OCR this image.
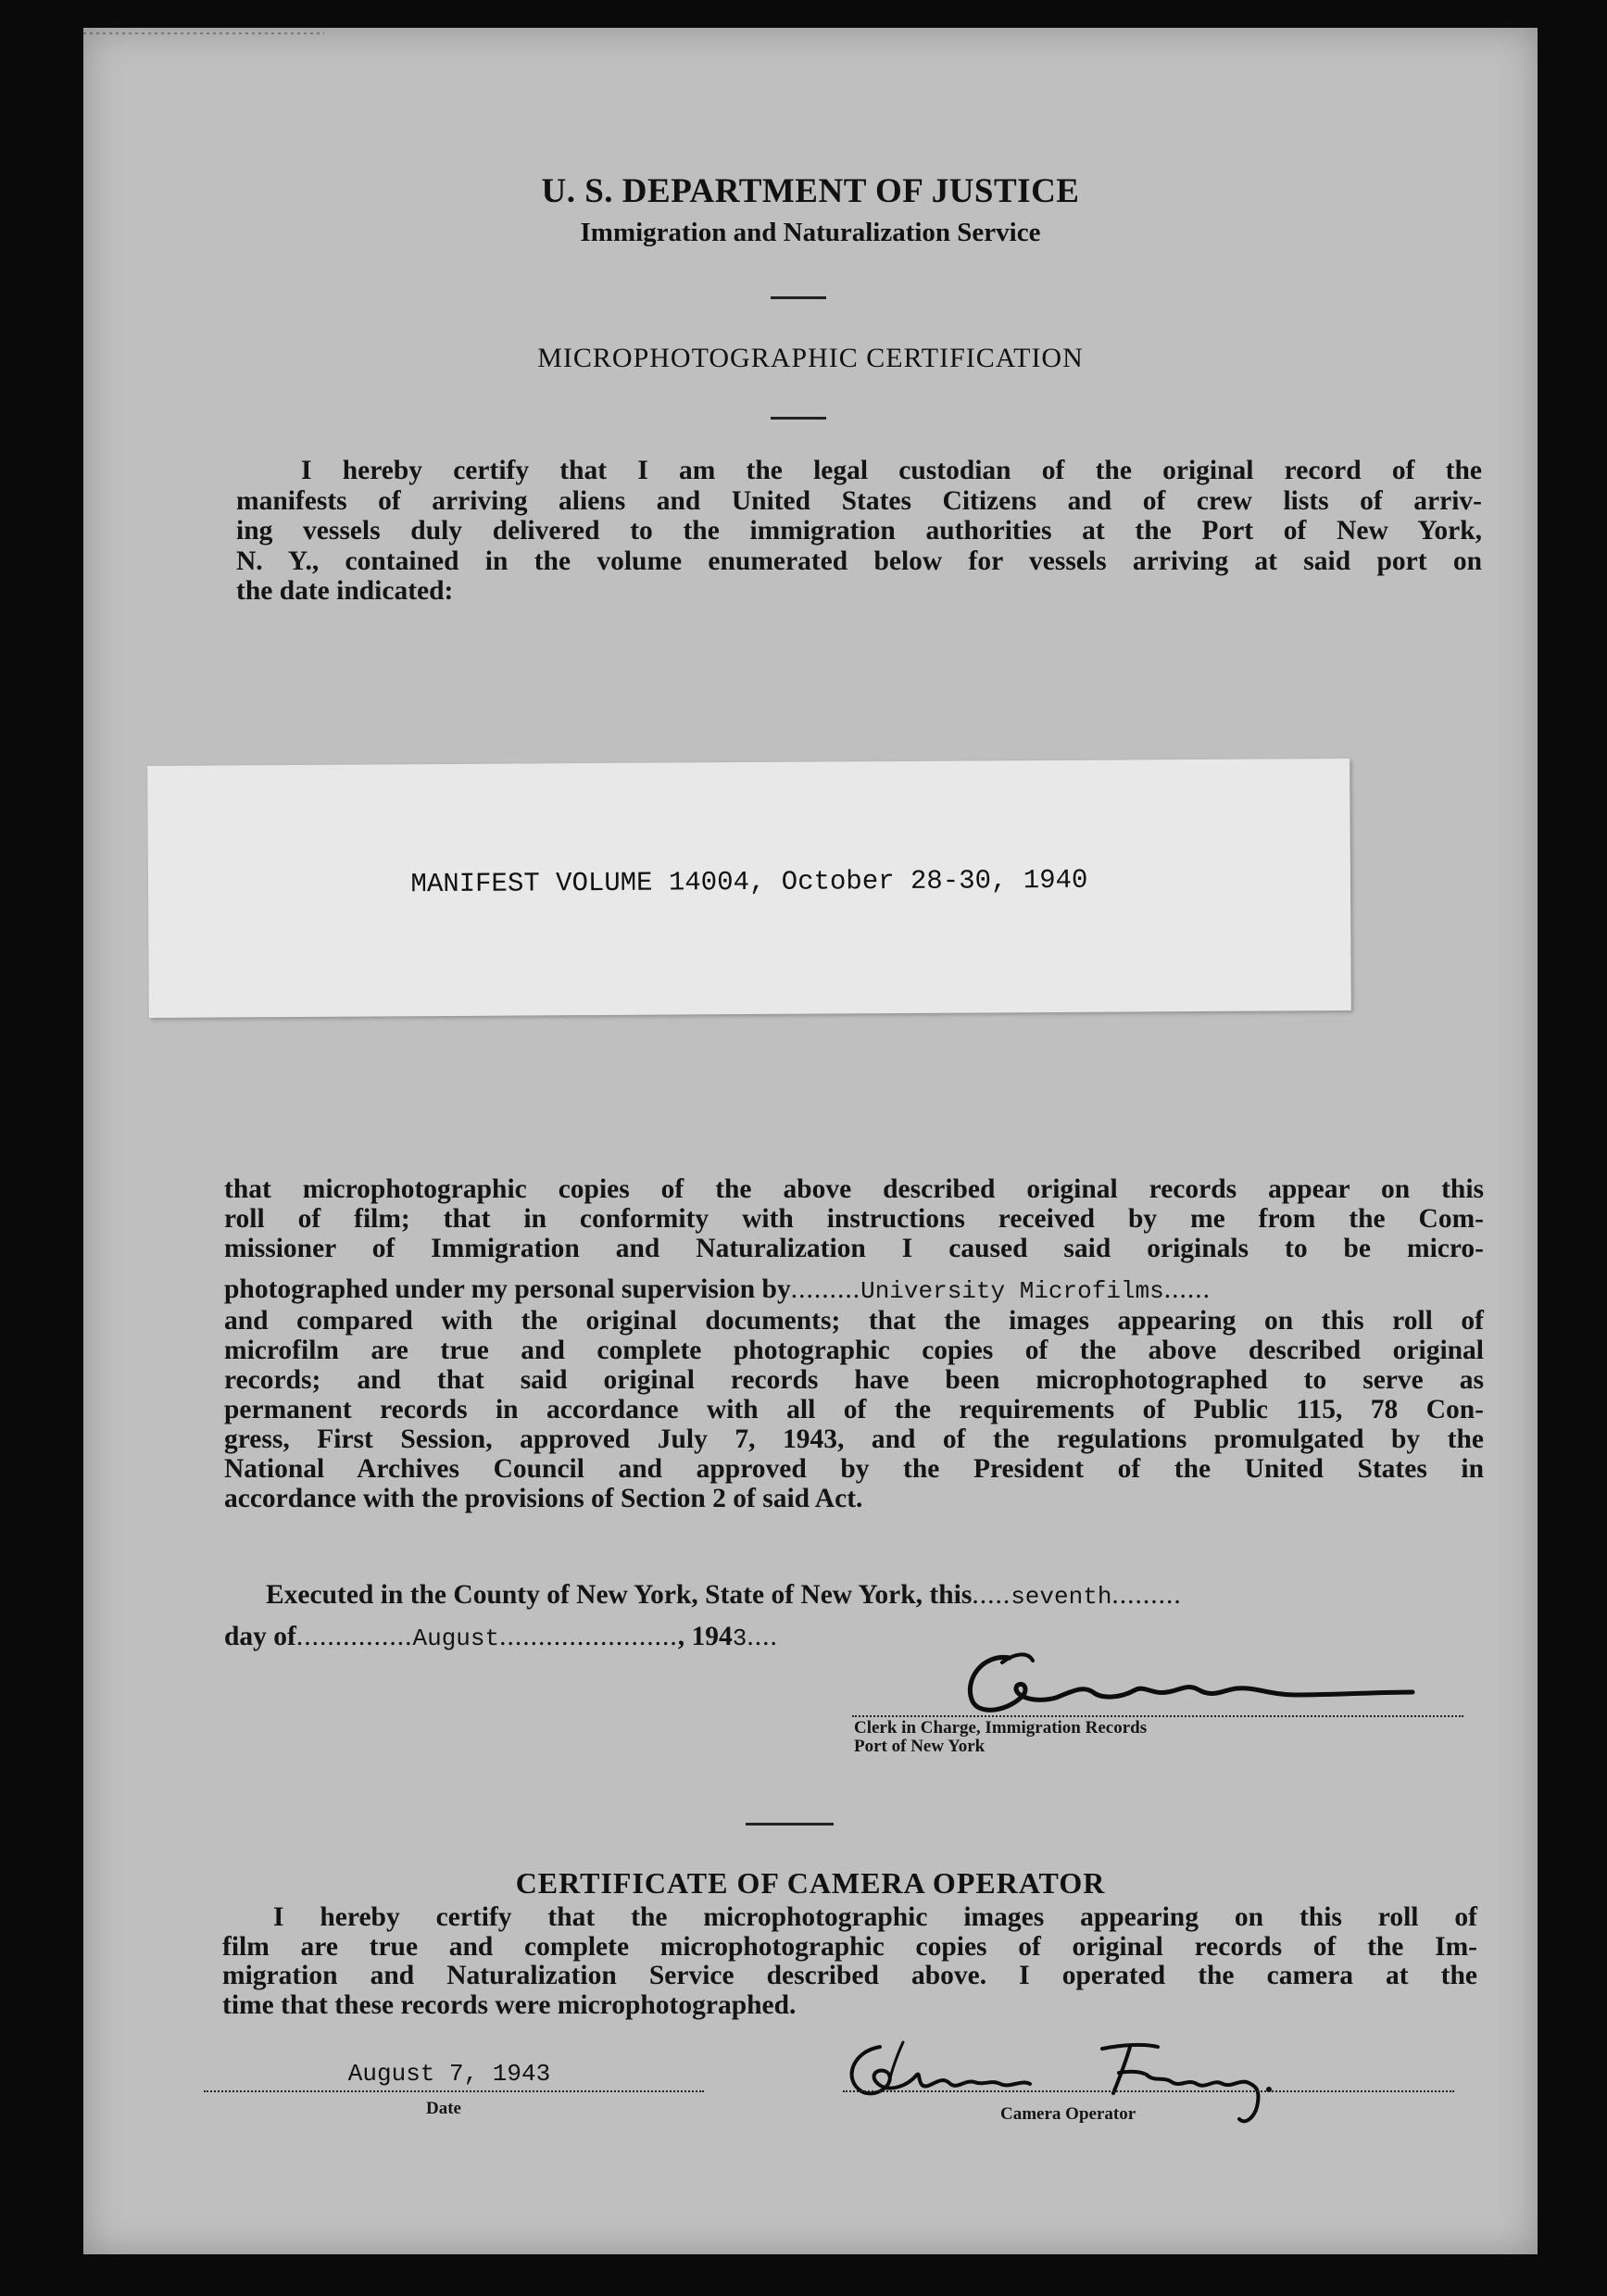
U. S. DEPARTMENT OF JUSTICE
Immigration and Naturalization Service
MICROPHOTOGRAPHIC CERTIFICATION
I hereby certify that I am the legal custodian of the original record of the
manifests of arriving aliens and United States Citizens and of crew lists of arriv-
ing vessels duly delivered to the immigration authorities at the Port of New York,
N. Y., contained in the volume enumerated below for vessels arriving at said port on
the date indicated:
MANIFEST VOLUME 14004, October 28-30, 1940
that microphotographic copies of the above described original records appear on this
roll of film; that in conformity with instructions received by me from the Com-
missioner of Immigration and Naturalization I caused said originals to be micro-
photographed under my personal supervision by.........University Microfilms......
and compared with the original documents; that the images appearing on this roll of
microfilm are true and complete photographic copies of the above described original
records; and that said original records have been microphotographed to serve as
permanent records in accordance with all of the requirements of Public 115, 78 Con-
gress, First Session, approved July 7, 1943, and of the regulations promulgated by the
National Archives Council and approved by the President of the United States in
accordance with the provisions of Section 2 of said Act.
Executed in the County of New York, State of New York, this.....seventh.........
day of...............August......................., 1943....
Clerk in Charge, Immigration Records
Port of New York
CERTIFICATE OF CAMERA OPERATOR
I hereby certify that the microphotographic images appearing on this roll of
film are true and complete microphotographic copies of original records of the Im-
migration and Naturalization Service described above. I operated the camera at the
time that these records were microphotographed.
August 7, 1943
Date	Camera Operator
